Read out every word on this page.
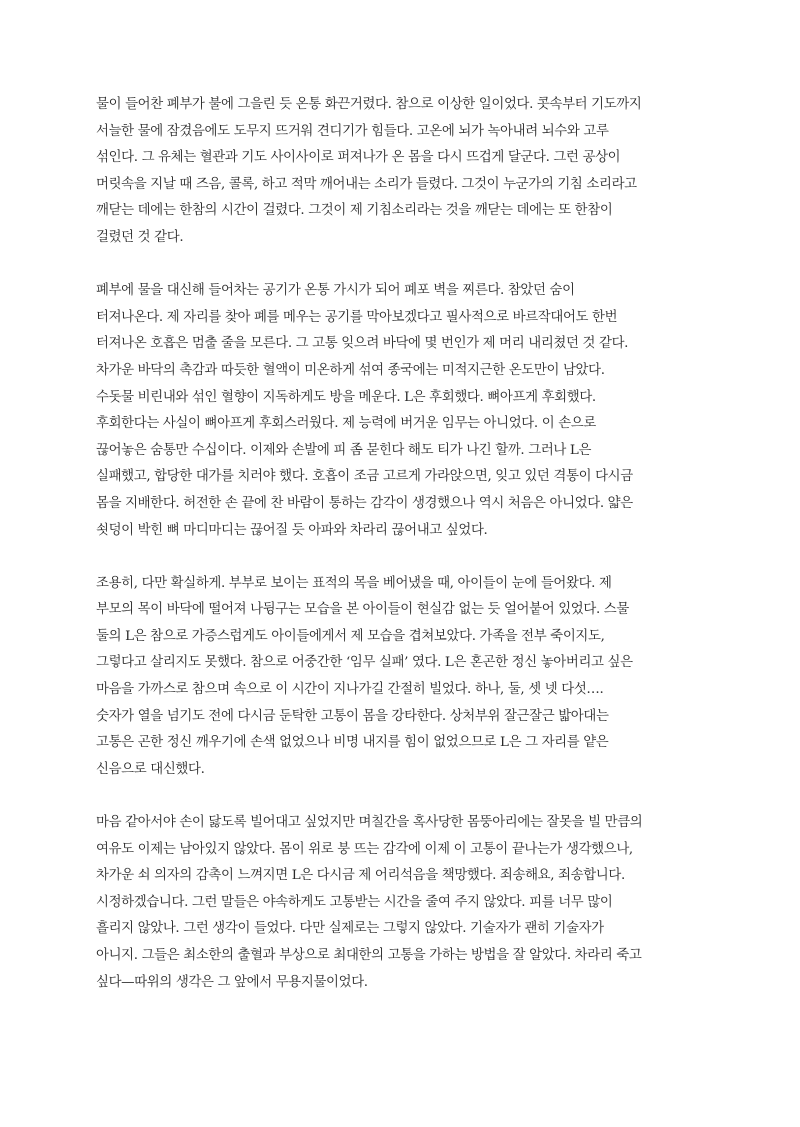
물이 들어찬 폐부가 불에 그을린 듯 온통 화끈거렸다. 참으로 이상한 일이었다. 콧속부터 기도까지
서늘한 물에 잠겼음에도 도무지 뜨거워 견디기가 힘들다. 고온에 뇌가 녹아내려 뇌수와 고루
섞인다. 그 유체는 혈관과 기도 사이사이로 퍼져나가 온 몸을 다시 뜨겁게 달군다. 그런 공상이
머릿속을 지날 때 즈음, 콜록, 하고 적막 깨어내는 소리가 들렸다. 그것이 누군가의 기침 소리라고
깨닫는 데에는 한참의 시간이 걸렸다. 그것이 제 기침소리라는 것을 깨닫는 데에는 또 한참이
걸렸던 것 같다.

폐부에 물을 대신해 들어차는 공기가 온통 가시가 되어 폐포 벽을 찌른다. 참았던 숨이
터져나온다. 제 자리를 찾아 폐를 메우는 공기를 막아보겠다고 필사적으로 바르작대어도 한번
터져나온 호흡은 멈출 줄을 모른다. 그 고통 잊으려 바닥에 몇 번인가 제 머리 내리쳤던 것 같다.
차가운 바닥의 촉감과 따듯한 혈액이 미온하게 섞여 종국에는 미적지근한 온도만이 남았다.
수돗물 비린내와 섞인 혈향이 지독하게도 방을 메운다. L은 후회했다. 뼈아프게 후회했다.
후회한다는 사실이 뼈아프게 후회스러웠다. 제 능력에 버거운 임무는 아니었다. 이 손으로
끊어놓은 숨통만 수십이다. 이제와 손발에 피 좀 묻힌다 해도 티가 나긴 할까. 그러나 L은
실패했고, 합당한 대가를 치러야 했다. 호흡이 조금 고르게 가라앉으면, 잊고 있던 격통이 다시금
몸을 지배한다. 허전한 손 끝에 찬 바람이 통하는 감각이 생경했으나 역시 처음은 아니었다. 얇은
쇳덩이 박힌 뼈 마디마디는 끊어질 듯 아파와 차라리 끊어내고 싶었다.

조용히, 다만 확실하게. 부부로 보이는 표적의 목을 베어냈을 때, 아이들이 눈에 들어왔다. 제
부모의 목이 바닥에 떨어져 나뒹구는 모습을 본 아이들이 현실감 없는 듯 얼어붙어 있었다. 스물
둘의 L은 참으로 가증스럽게도 아이들에게서 제 모습을 겹쳐보았다. 가족을 전부 죽이지도,
그렇다고 살리지도 못했다. 참으로 어중간한 ‘임무 실패’ 였다. L은 혼곤한 정신 놓아버리고 싶은
마음을 가까스로 참으며 속으로 이 시간이 지나가길 간절히 빌었다. 하나, 둘, 셋 넷 다섯….
숫자가 열을 넘기도 전에 다시금 둔탁한 고통이 몸을 강타한다. 상처부위 잘근잘근 밟아대는
고통은 곤한 정신 깨우기에 손색 없었으나 비명 내지를 힘이 없었으므로 L은 그 자리를 얕은
신음으로 대신했다.

마음 같아서야 손이 닳도록 빌어대고 싶었지만 며칠간을 혹사당한 몸뚱아리에는 잘못을 빌 만큼의
여유도 이제는 남아있지 않았다. 몸이 위로 붕 뜨는 감각에 이제 이 고통이 끝나는가 생각했으나,
차가운 쇠 의자의 감촉이 느껴지면 L은 다시금 제 어리석음을 책망했다. 죄송해요, 죄송합니다.
시정하겠습니다. 그런 말들은 야속하게도 고통받는 시간을 줄여 주지 않았다. 피를 너무 많이
흘리지 않았나. 그런 생각이 들었다. 다만 실제로는 그렇지 않았다. 기술자가 괜히 기술자가
아니지. 그들은 최소한의 출혈과 부상으로 최대한의 고통을 가하는 방법을 잘 알았다. 차라리 죽고
싶다—따위의 생각은 그 앞에서 무용지물이었다.
